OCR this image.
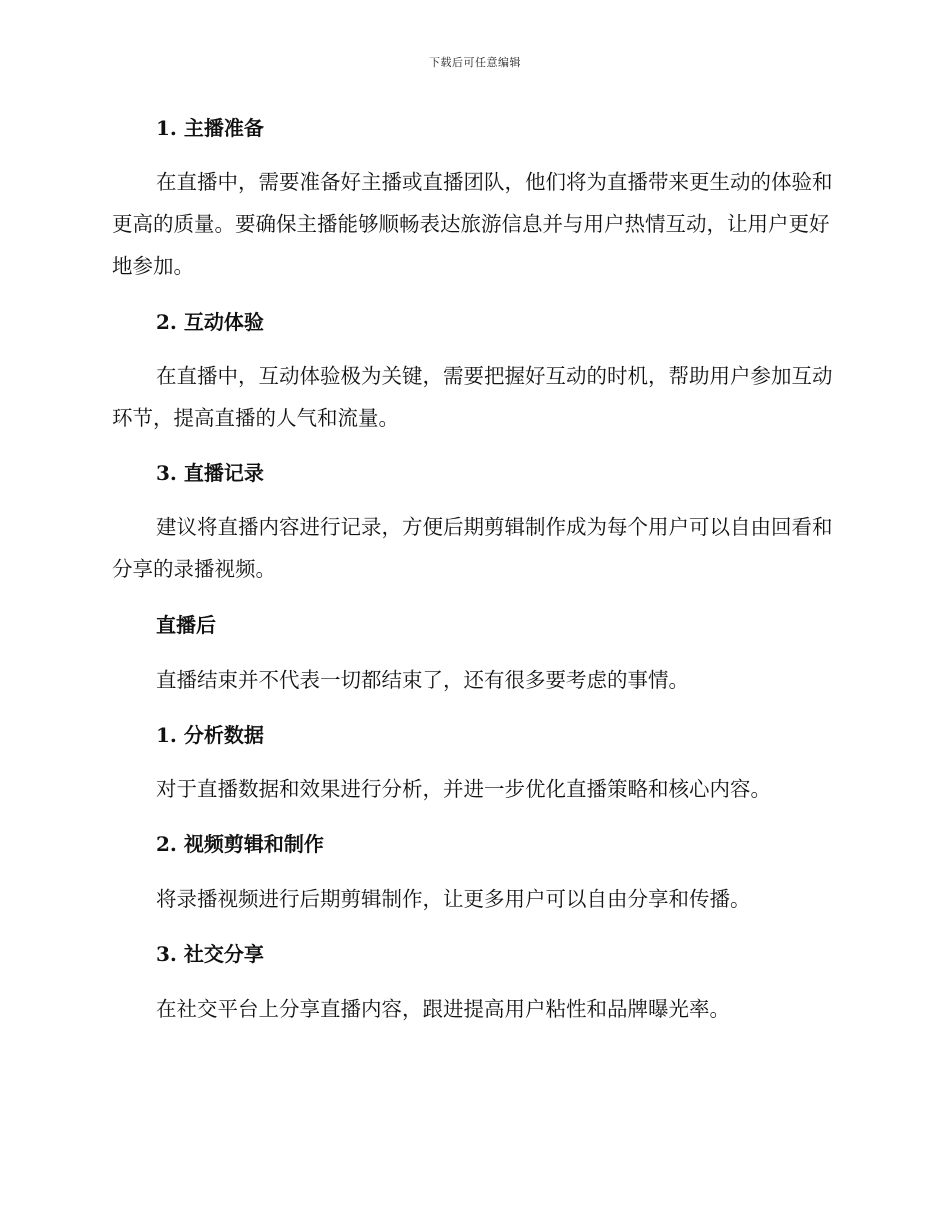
下载后可任意编辑
1. 主播准备
在直播中，需要准备好主播或直播团队，他们将为直播带来更生动的体验和更高的质量。要确保主播能够顺畅表达旅游信息并与用户热情互动，让用户更好地参加。
2. 互动体验
在直播中，互动体验极为关键，需要把握好互动的时机，帮助用户参加互动环节，提高直播的人气和流量。
3. 直播记录
建议将直播内容进行记录，方便后期剪辑制作成为每个用户可以自由回看和分享的录播视频。
直播后
直播结束并不代表一切都结束了，还有很多要考虑的事情。
1. 分析数据
对于直播数据和效果进行分析，并进一步优化直播策略和核心内容。
2. 视频剪辑和制作
将录播视频进行后期剪辑制作，让更多用户可以自由分享和传播。
3. 社交分享
在社交平台上分享直播内容，跟进提高用户粘性和品牌曝光率。
